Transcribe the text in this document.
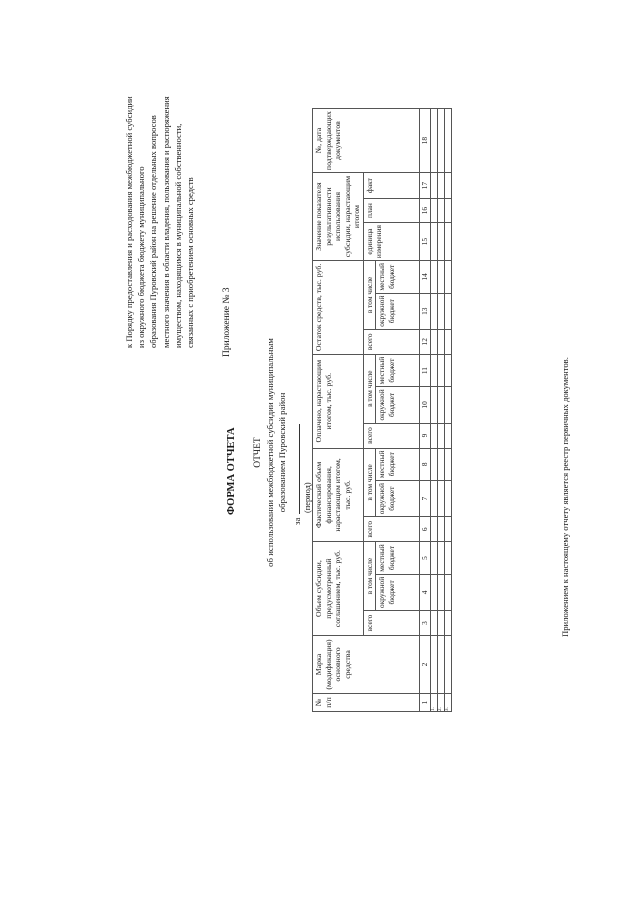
Приложение № 3
к Порядку предоставления и расходования межбюджетной субсидии из окружного бюджета бюджету муниципального образования Пуровский район на решение отдельных вопросов местного значения в области владения, пользования и распоряжения имуществом, находящимся в муниципальной собственности, связанных с приобретением основных средств
ФОРМА ОТЧЕТА ОТЧЕТ об использовании межбюджетной субсидии муниципальным образованием Пуровский район
за
(период)
№ п/п	Марка (модификация) основного средства	Объем субсидии, предусмотренный соглашением, тыс. руб.			Фактический объем финансирования, нарастающим итогом, тыс. руб.			Оплачено, нарастающим итогом, тыс. руб.			Остаток средств, тыс. руб.			Значение показателя результативности использования субсидии, нарастающим итогом			№, дата подтверждающих документов
		всего	в том числе		всего	в том числе		всего	в том числе		всего	в том числе		единица измерения	план	факт	
			окружной бюджет	местный бюджет		окружной бюджет	местный бюджет		окружной бюджет	местный бюджет		окружной бюджет	местный бюджет				
1	2	3	4	5	6	7	8	9	10	11	12	13	14	15	16	17	18
1.																	
2.																	
3.																	
Приложением к настоящему отчету является реестр первичных документов.
